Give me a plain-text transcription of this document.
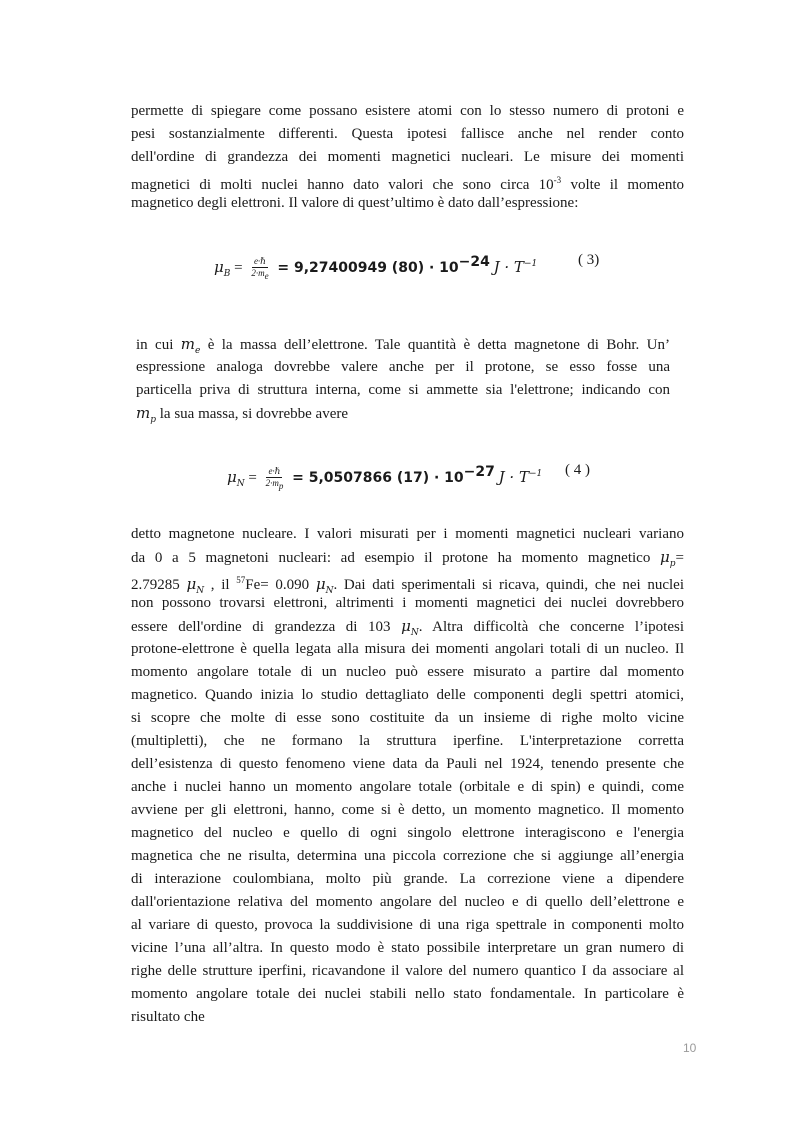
permette di spiegare come possano esistere atomi con lo stesso numero di protoni e
pesi sostanzialmente differenti. Questa ipotesi fallisce anche nel render conto
dell'ordine di grandezza dei momenti magnetici nucleari. Le misure dei momenti
magnetici di molti nuclei hanno dato valori che sono circa $10^{-3}$ volte il momento
magnetico degli elettroni. Il valore di quest’ultimo è dato dall’espressione:
$\mu_B = \frac{\text{e·ℏ}}{2\cdot m_e} = 9,27400949$ $(80) \cdot 10^{-24}$ $J \cdot T^{-1}$	( 3)
in cui $m_e$ è la massa dell’elettrone. Tale quantità è detta magnetone di Bohr. Un’
espressione analoga dovrebbe valere anche per il protone, se esso fosse una
particella priva di struttura interna, come si ammette sia l'elettrone; indicando con
$m_p$ la sua massa, si dovrebbe avere
$\mu_N = \frac{\text{e·ℏ}}{2\cdot m_p} = 5,0507866$ $(17) \cdot 10^{-27}$ $J \cdot T^{-1}$ ( 4 )
detto magnetone nucleare. I valori misurati per i momenti magnetici nucleari variano
da 0 a 5 magnetoni nucleari: ad esempio il protone ha momento magnetico $\mu_p=$
2.79285 $\mu_N$ , il $^{57}$Fe= 0.090 $\mu_N$. Dai dati sperimentali si ricava, quindi, che nei nuclei
non possono trovarsi elettroni, altrimenti i momenti magnetici dei nuclei dovrebbero
essere dell'ordine di grandezza di 103 $\mu_N$. Altra difficoltà che concerne l’ipotesi
protone-elettrone è quella legata alla misura dei momenti angolari totali di un nucleo. Il
momento angolare totale di un nucleo può essere misurato a partire dal momento
magnetico. Quando inizia lo studio dettagliato delle componenti degli spettri atomici,
si scopre che molte di esse sono costituite da un insieme di righe molto vicine
(multipletti), che ne formano la struttura iperfine. L'interpretazione corretta
dell’esistenza di questo fenomeno viene data da Pauli nel 1924, tenendo presente che
anche i nuclei hanno un momento angolare totale (orbitale e di spin) e quindi, come
avviene per gli elettroni, hanno, come si è detto, un momento magnetico. Il momento
magnetico del nucleo e quello di ogni singolo elettrone interagiscono e l'energia
magnetica che ne risulta, determina una piccola correzione che si aggiunge all’energia
di interazione coulombiana, molto più grande. La correzione viene a dipendere
dall'orientazione relativa del momento angolare del nucleo e di quello dell’elettrone e
al variare di questo, provoca la suddivisione di una riga spettrale in componenti molto
vicine l’una all’altra. In questo modo è stato possibile interpretare un gran numero di
righe delle strutture iperfini, ricavandone il valore del numero quantico I da associare al
momento angolare totale dei nuclei stabili nello stato fondamentale. In particolare è
risultato che
10
